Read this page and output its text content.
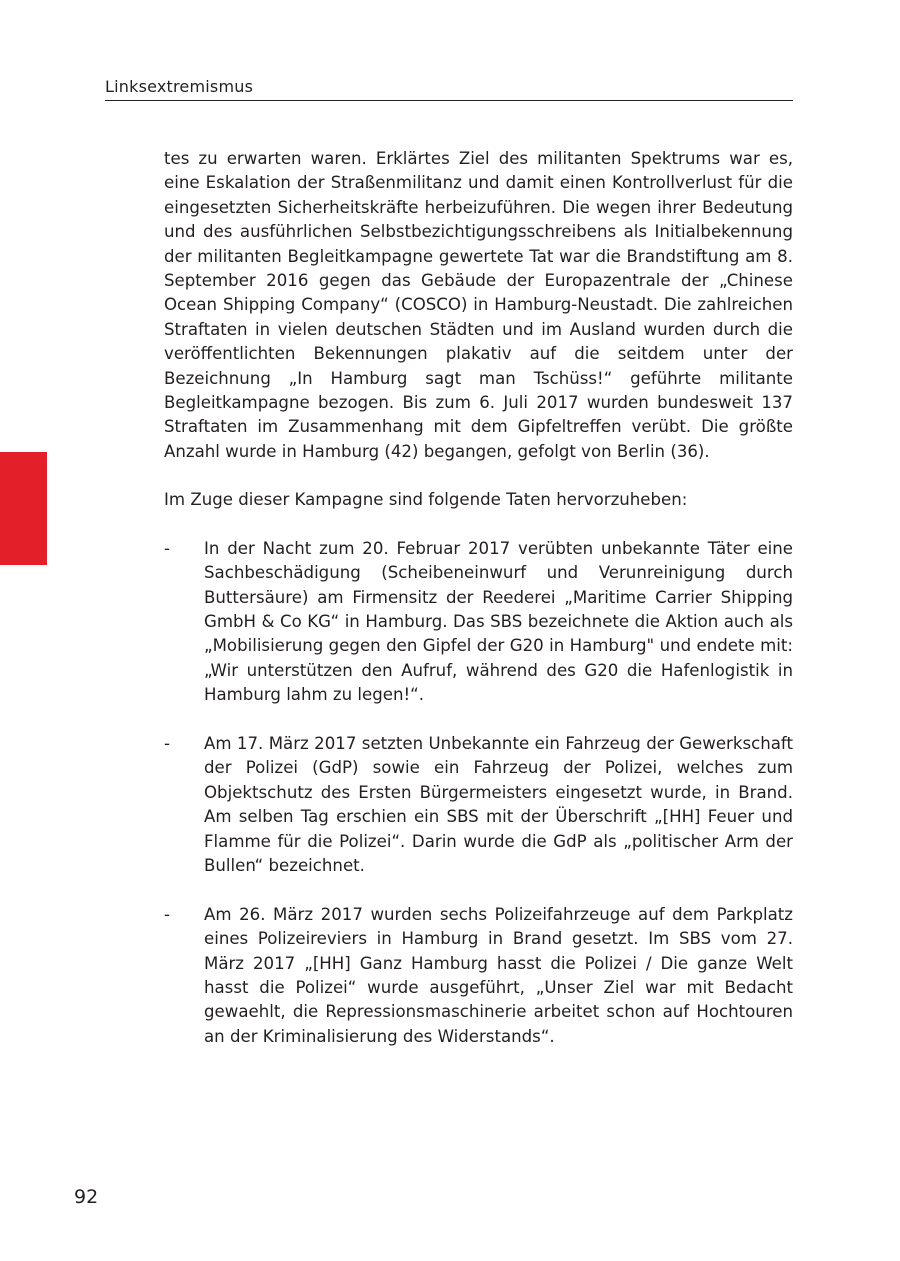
Linksextremismus

tes zu erwarten waren. Erklärtes Ziel des militanten Spektrums war es, eine Eskalation der Straßenmilitanz und damit einen Kontrollverlust für die eingesetzten Sicherheitskräfte herbeizuführen. Die wegen ihrer Bedeutung und des ausführlichen Selbstbezichtigungsschreibens als Initialbekennung der militanten Begleitkampagne gewertete Tat war die Brandstiftung am 8. September 2016 gegen das Gebäude der Europazentrale der „Chinese Ocean Shipping Company“ (COSCO) in Hamburg-Neustadt. Die zahlreichen Straftaten in vielen deutschen Städten und im Ausland wurden durch die veröffentlichten Bekennungen plakativ auf die seitdem unter der Bezeichnung „In Hamburg sagt man Tschüss!“ geführte militante Begleitkampagne bezogen. Bis zum 6. Juli 2017 wurden bundesweit 137 Straftaten im Zusammenhang mit dem Gipfeltreffen verübt. Die größte Anzahl wurde in Hamburg (42) begangen, gefolgt von Berlin (36).

Im Zuge dieser Kampagne sind folgende Taten hervorzuheben:

- In der Nacht zum 20. Februar 2017 verübten unbekannte Täter eine Sachbeschädigung (Scheibeneinwurf und Verunreinigung durch Buttersäure) am Firmensitz der Reederei „Maritime Carrier Shipping GmbH & Co KG“ in Hamburg. Das SBS bezeichnete die Aktion auch als „Mobilisierung gegen den Gipfel der G20 in Hamburg" und endete mit: „Wir unterstützen den Aufruf, während des G20 die Hafenlogistik in Hamburg lahm zu legen!“.
- Am 17. März 2017 setzten Unbekannte ein Fahrzeug der Gewerkschaft der Polizei (GdP) sowie ein Fahrzeug der Polizei, welches zum Objektschutz des Ersten Bürgermeisters eingesetzt wurde, in Brand. Am selben Tag erschien ein SBS mit der Überschrift „[HH] Feuer und Flamme für die Polizei“. Darin wurde die GdP als „politischer Arm der Bullen“ bezeichnet.
- Am 26. März 2017 wurden sechs Polizeifahrzeuge auf dem Parkplatz eines Polizeireviers in Hamburg in Brand gesetzt. Im SBS vom 27. März 2017 „[HH] Ganz Hamburg hasst die Polizei / Die ganze Welt hasst die Polizei“ wurde ausgeführt, „Unser Ziel war mit Bedacht gewaehlt, die Repressionsmaschinerie arbeitet schon auf Hochtouren an der Kriminalisierung des Widerstands“.
92
